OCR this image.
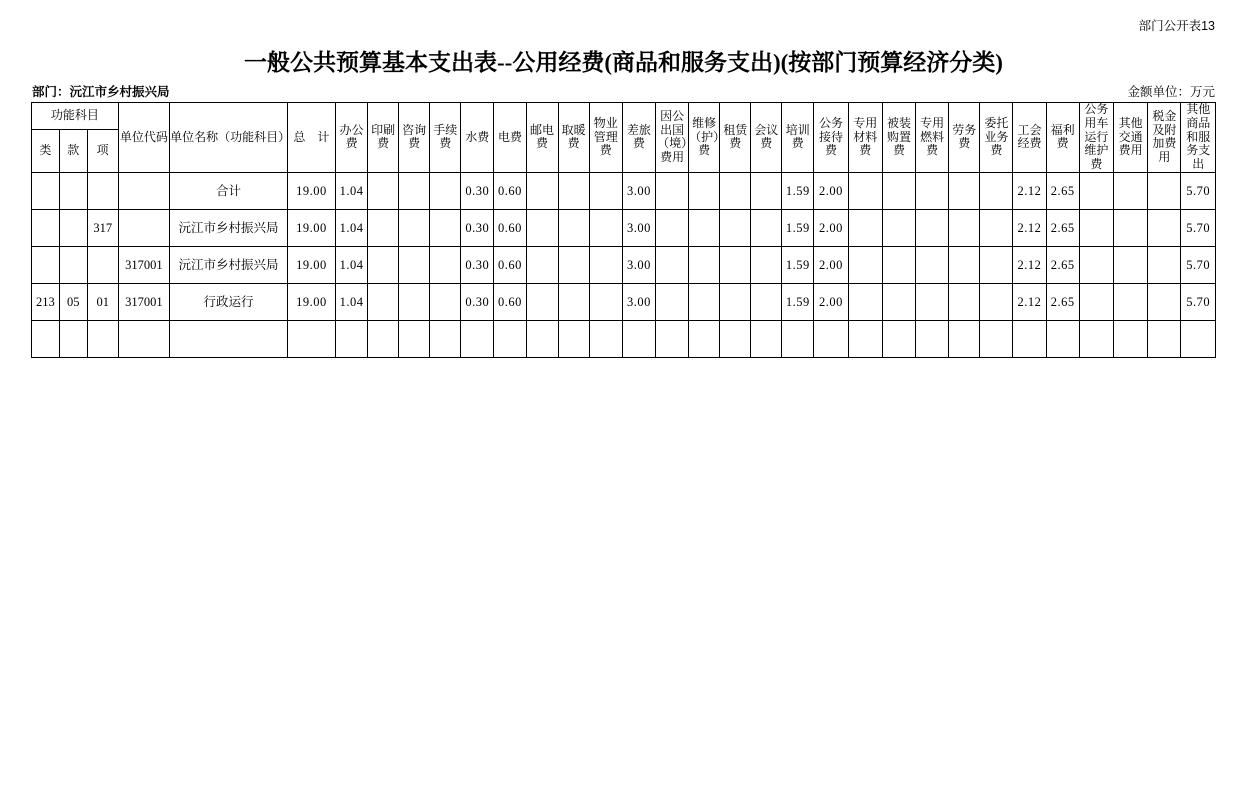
部门公开表13
一般公共预算基本支出表--公用经费(商品和服务支出)(按部门预算经济分类)
部门：沅江市乡村振兴局	金额单位：万元
功能科目			单位代码	单位名称（功能科目）	总　计	办公费	印刷费	咨询费	手续费	水费	电费	邮电费	取暖费	物业管理费	差旅费	因公出国（境）费用	维修（护）费	租赁费	会议费	培训费	公务接待费	专用材料费	被装购置费	专用燃料费	劳务费	委托业务费	工会经费	福利费	公务用车运行维护费	其他交通费用	税金及附加费用	其他商品和服务支出
类	款	项																														
				合计	19.00	1.04				0.30	0.60				3.00					1.59	2.00						2.12	2.65				5.70
		317		沅江市乡村振兴局	19.00	1.04				0.30	0.60				3.00					1.59	2.00						2.12	2.65				5.70
			317001	沅江市乡村振兴局	19.00	1.04				0.30	0.60				3.00					1.59	2.00						2.12	2.65				5.70
213	05	01	317001	行政运行	19.00	1.04				0.30	0.60				3.00					1.59	2.00						2.12	2.65				5.70
